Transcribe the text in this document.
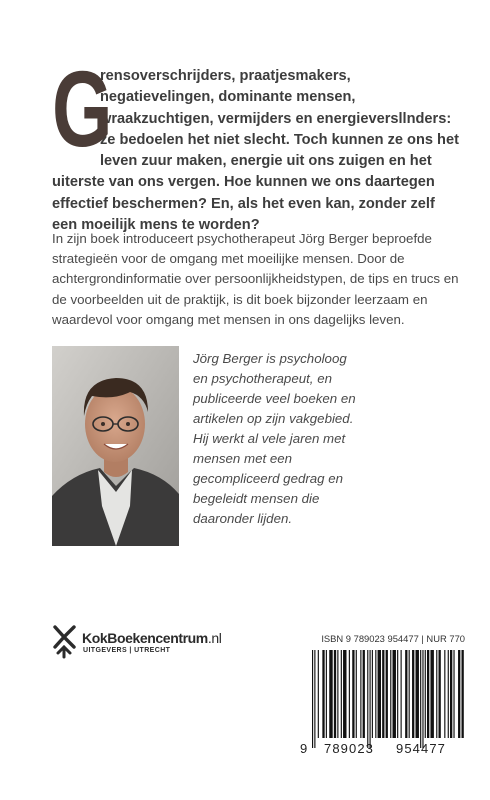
G

rensoverschrijders, praatjesmakers, negatievelingen, dominante mensen, wraakzuchtigen, vermijders en energieversllnders: ze bedoelen het niet slecht. Toch kunnen ze ons het leven zuur maken, energie uit ons zuigen en het uiterste van ons vergen. Hoe kunnen we ons daartegen effectief beschermen? En, als het even kan, zonder zelf een moeilijk mens te worden?

In zijn boek introduceert psychotherapeut Jörg Berger beproefde strategieën voor de omgang met moeilijke mensen. Door de achtergrondinformatie over persoonlijkheidstypen, de tips en trucs en de voorbeelden uit de praktijk, is dit boek bijzonder leerzaam en waardevol voor omgang met mensen in ons dagelijks leven.

Jörg Berger is psycholoog en psychotherapeut, en publiceerde veel boeken en artikelen op zijn vakgebied. Hij werkt al vele jaren met mensen met een gecompliceerd gedrag en begeleidt mensen die daaronder lijden.

KokBoekencentrum.nl
UITGEVERS | UTRECHT
ISBN 9 789023 954477 | NUR 770
9 789023 954477
